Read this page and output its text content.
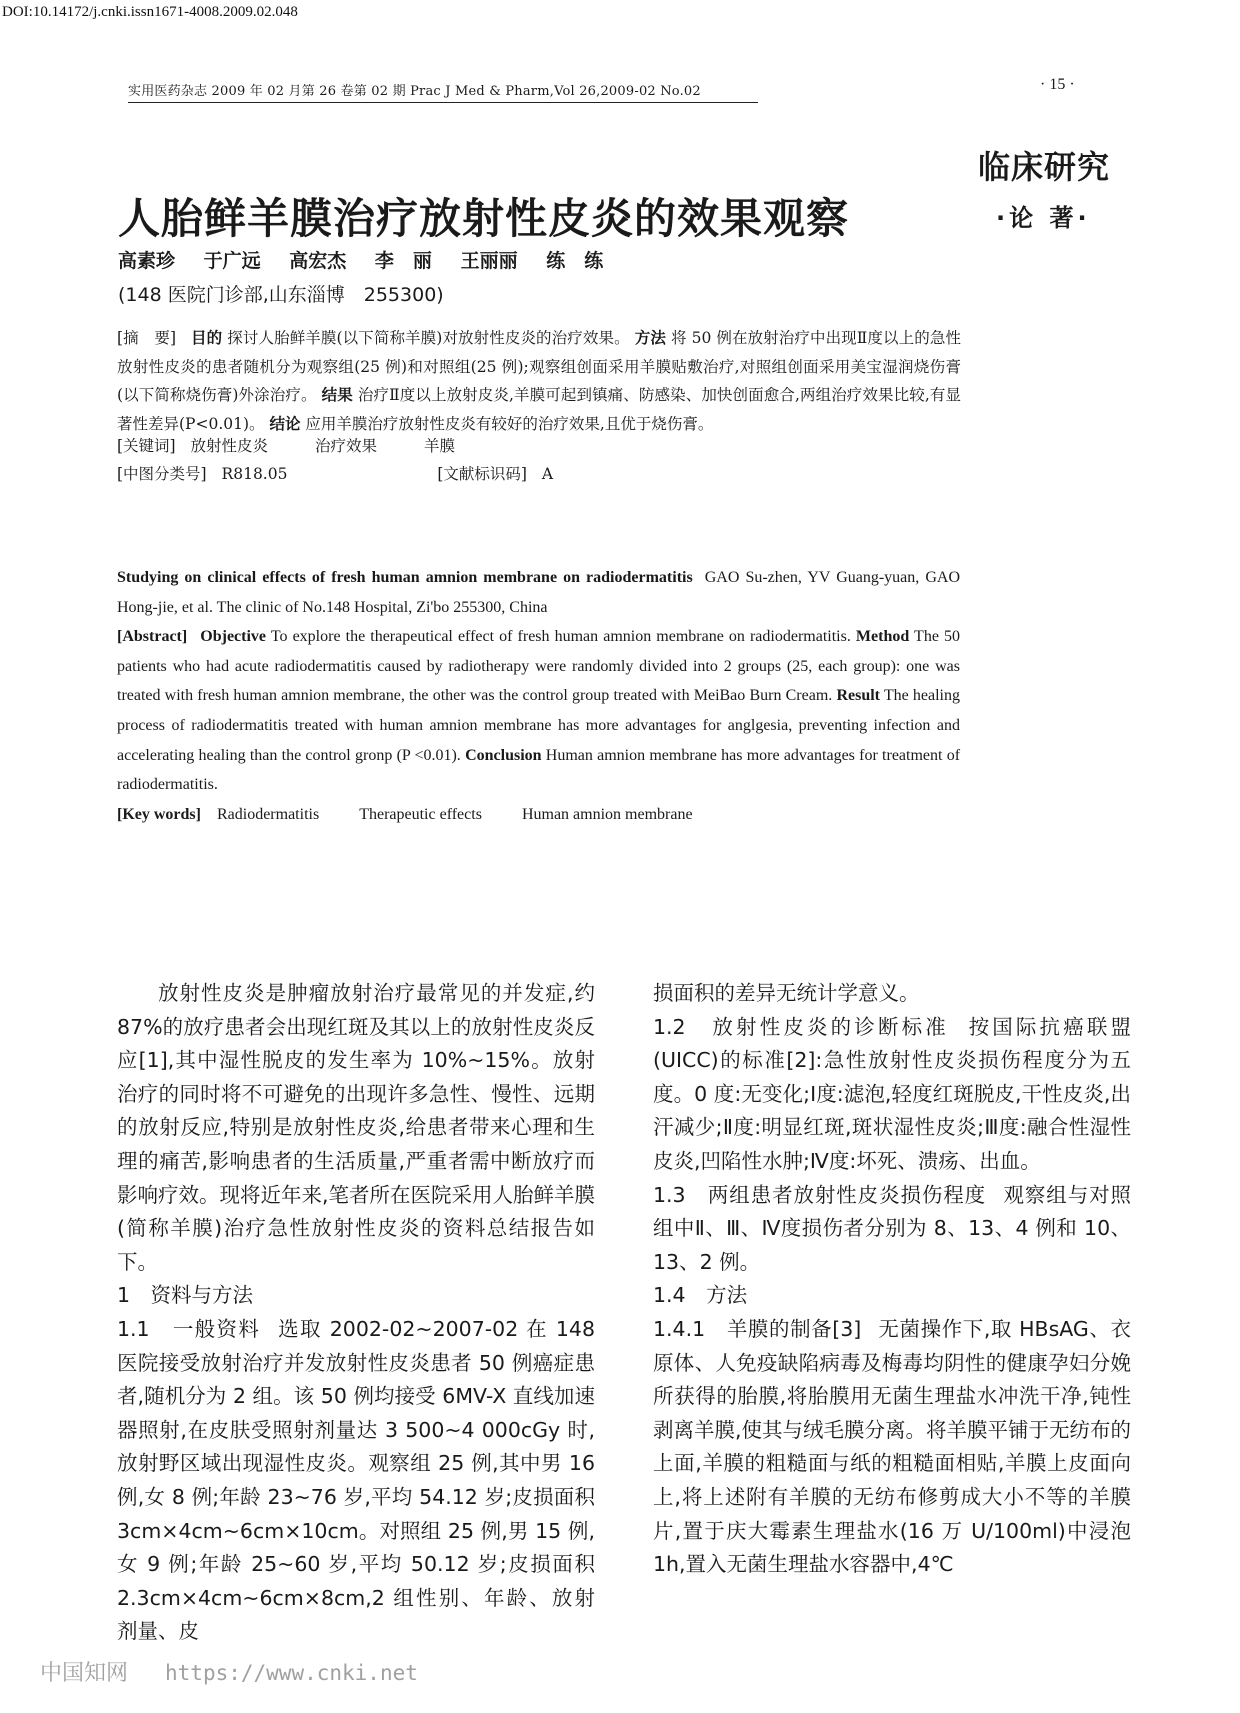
DOI:10.14172/j.cnki.issn1671-4008.2009.02.048
实用医药杂志 2009 年 02 月第 26 卷第 02 期 Prac J Med & Pharm,Vol 26,2009-02 No.02	· 15 ·
临床研究
·论 著·
人胎鲜羊膜治疗放射性皮炎的效果观察
高素珍 于广远 高宏杰 李　丽 王丽丽 练　练
(148 医院门诊部,山东淄博　255300)
[摘　要] 目的 探讨人胎鲜羊膜(以下简称羊膜)对放射性皮炎的治疗效果。 方法 将 50 例在放射治疗中出现Ⅱ度以上的急性放射性皮炎的患者随机分为观察组(25 例)和对照组(25 例);观察组创面采用羊膜贴敷治疗,对照组创面采用美宝湿润烧伤膏(以下简称烧伤膏)外涂治疗。 结果 治疗Ⅱ度以上放射皮炎,羊膜可起到镇痛、防感染、加快创面愈合,两组治疗效果比较,有显著性差异(P<0.01)。 结论 应用羊膜治疗放射性皮炎有较好的治疗效果,且优于烧伤膏。
[关键词] 放射性皮炎	治疗效果	羊膜
[中图分类号] R818.05	[文献标识码] A

Studying on clinical effects of fresh human amnion membrane on radiodermatitis GAO Su-zhen, YV Guang-yuan, GAO Hong-jie, et al. The clinic of No.148 Hospital, Zi'bo 255300, China

[Abstract] Objective To explore the therapeutical effect of fresh human amnion membrane on radiodermatitis. Method The 50 patients who had acute radiodermatitis caused by radiotherapy were randomly divided into 2 groups (25, each group): one was treated with fresh human amnion membrane, the other was the control group treated with MeiBao Burn Cream. Result The healing process of radiodermatitis treated with human amnion membrane has more advantages for anglgesia, preventing infection and accelerating healing than the control gronp (P <0.01). Conclusion Human amnion membrane has more advantages for treatment of radiodermatitis.

[Key words] Radiodermatitis	Therapeutic effects	Human amnion membrane

放射性皮炎是肿瘤放射治疗最常见的并发症,约 87%的放疗患者会出现红斑及其以上的放射性皮炎反应[1],其中湿性脱皮的发生率为 10%~15%。放射治疗的同时将不可避免的出现许多急性、慢性、远期的放射反应,特别是放射性皮炎,给患者带来心理和生理的痛苦,影响患者的生活质量,严重者需中断放疗而影响疗效。现将近年来,笔者所在医院采用人胎鲜羊膜(简称羊膜)治疗急性放射性皮炎的资料总结报告如下。

1　资料与方法

1.1　一般资料 选取 2002-02~2007-02 在 148 医院接受放射治疗并发放射性皮炎患者 50 例癌症患者,随机分为 2 组。该 50 例均接受 6MV-X 直线加速器照射,在皮肤受照射剂量达 3 500~4 000cGy 时,放射野区域出现湿性皮炎。观察组 25 例,其中男 16 例,女 8 例;年龄 23~76 岁,平均 54.12 岁;皮损面积 3cm×4cm~6cm×10cm。对照组 25 例,男 15 例,女 9 例;年龄 25~60 岁,平均 50.12 岁;皮损面积 2.3cm×4cm~6cm×8cm,2 组性别、年龄、放射剂量、皮

损面积的差异无统计学意义。

1.2　放射性皮炎的诊断标准 按国际抗癌联盟(UICC)的标准[2]:急性放射性皮炎损伤程度分为五度。0 度:无变化;Ⅰ度:滤泡,轻度红斑脱皮,干性皮炎,出汗减少;Ⅱ度:明显红斑,斑状湿性皮炎;Ⅲ度:融合性湿性皮炎,凹陷性水肿;Ⅳ度:坏死、溃疡、出血。

1.3　两组患者放射性皮炎损伤程度 观察组与对照组中Ⅱ、Ⅲ、Ⅳ度损伤者分别为 8、13、4 例和 10、13、2 例。

1.4　方法

1.4.1　羊膜的制备[3] 无菌操作下,取 HBsAG、衣原体、人免疫缺陷病毒及梅毒均阴性的健康孕妇分娩所获得的胎膜,将胎膜用无菌生理盐水冲洗干净,钝性剥离羊膜,使其与绒毛膜分离。将羊膜平铺于无纺布的上面,羊膜的粗糙面与纸的粗糙面相贴,羊膜上皮面向上,将上述附有羊膜的无纺布修剪成大小不等的羊膜片,置于庆大霉素生理盐水(16 万 U/100ml)中浸泡 1h,置入无菌生理盐水容器中,4℃

中国知网 https://www.cnki.net
